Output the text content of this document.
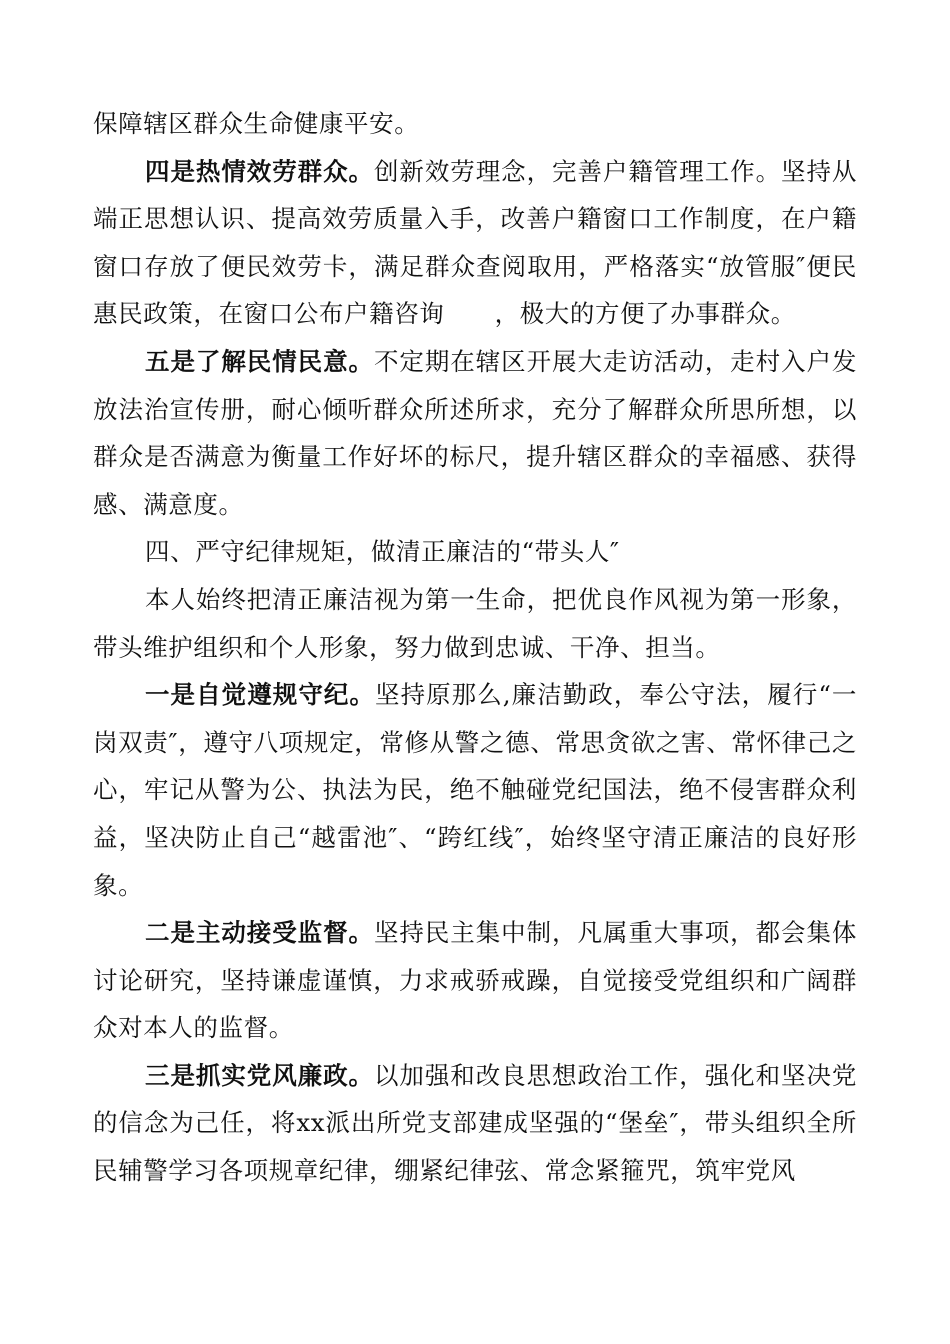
保障辖区群众生命健康平安。

四是热情效劳群众。创新效劳理念，完善户籍管理工作。坚持从端正思想认识、提高效劳质量入手，改善户籍窗口工作制度，在户籍窗口存放了便民效劳卡，满足群众查阅取用，严格落实“放管服″便民惠民政策，在窗口公布户籍咨询　　，极大的方便了办事群众。

五是了解民情民意。不定期在辖区开展大走访活动，走村入户发放法治宣传册，耐心倾听群众所述所求，充分了解群众所思所想，以群众是否满意为衡量工作好坏的标尺，提升辖区群众的幸福感、获得感、满意度。

四、严守纪律规矩，做清正廉洁的“带头人″

本人始终把清正廉洁视为第一生命，把优良作风视为第一形象，带头维护组织和个人形象，努力做到忠诚、干净、担当。

一是自觉遵规守纪。坚持原那么,廉洁勤政，奉公守法，履行“一岗双责″，遵守八项规定，常修从警之德、常思贪欲之害、常怀律己之心，牢记从警为公、执法为民，绝不触碰党纪国法，绝不侵害群众利益，坚决防止自己“越雷池″、“跨红线″，始终坚守清正廉洁的良好形象。

二是主动接受监督。坚持民主集中制，凡属重大事项，都会集体讨论研究，坚持谦虚谨慎，力求戒骄戒躁，自觉接受党组织和广阔群众对本人的监督。

三是抓实党风廉政。以加强和改良思想政治工作，强化和坚决党的信念为己任，将xx派出所党支部建成坚强的“堡垒″，带头组织全所民辅警学习各项规章纪律，绷紧纪律弦、常念紧箍咒，筑牢党风
